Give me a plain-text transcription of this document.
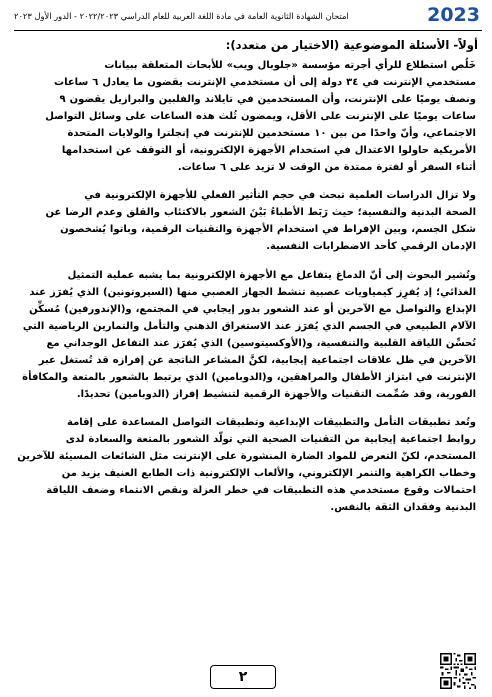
2023
امتحان الشهادة الثانوية العامة في مادة اللغة العربية للعام الدراسي ٢٠٢٢/٢٠٢٣ - الدور الأول ٢٠٢٣
أولاً- الأسئلة الموضوعية (الاختيار من متعدد):

خَلُص استطلاع للرأي أجرته مؤسسة «جلوبال ويب» للأبحاث المتعلقة ببيانات
مستخدمي الإنترنت في ٣٤ دولة إلى أن مستخدمي الإنترنت يقضون ما يعادل ٦ ساعات
ونصف يوميًا على الإنترنت، وأن المستخدمين في تايلاند والفلبين والبرازيل يقضون ٩
ساعات يوميًا على الإنترنت على الأقل، ويمضون ثُلث هذه الساعات على وسائل التواصل
الاجتماعي، وأنّ واحدًا من بين ١٠ مستخدمين للإنترنت في إنجلترا والولايات المتحدة
الأمريكية حاولوا الاعتدال في استخدام الأجهزة الإلكترونية، أو التوقف عن استخدامها
أثناء السفر أو لفترة ممتدة من الوقت لا تزيد على ٦ ساعات.

ولا تزال الدراسات العلمية تبحث في حجم التأثير الفعلي للأجهزة الإلكترونية في
الصحة البدنية والنفسية؛ حيث رَبَط الأطباءُ بَيْنَ الشعور بالاكتئاب والقلق وعدم الرضا عن
شكل الجسم، وبين الإفراط في استخدام الأجهزة والتقنيات الرقمية، وباتوا يُشخصون
الإدمان الرقمي كأحد الاضطرابات النفسية.

وتُشير البحوث إلى أنّ الدماغ يتفاعل مع الأجهزة الإلكترونية بما يشبه عملية التمثيل
الغذائي؛ إذ يُفرِز كيمياويات عصبية تنشط الجهاز العصبي منها (السيروتونين) الذي يُفرَز عند
الإبداع والتواصل مع الآخرين أو عند الشعور بدور إيجابي في المجتمع، و(الإندورفين) مُسكِّن
الآلام الطبيعي في الجسم الذي يُفرَز عند الاستغراق الذهني والتأمل والتمارين الرياضية التي
تُحسِّن اللياقة القلبية والتنفسية، و(الأوكسيتوسين) الذي يُفرَز عند التفاعل الوجداني مع
الآخرين في ظل علاقات اجتماعية إيجابية، لكنَّ المشاعر الناتجة عن إفرازه قد تُستغل عبر
الإنترنت في ابتزاز الأطفال والمراهقين، و(الدوبامين) الذي يرتبط بالشعور بالمتعة والمكافأة
الفورية، وقد صُمِّمت التقنيات والأجهزة الرقمية لتنشيط إفراز (الدوبامين) تحديدًا.

وتُعد تطبيقات التأمل والتطبيقات الإبداعية وتطبيقات التواصل المساعدة على إقامة
روابط اجتماعية إيجابية من التقنيات الصحية التي تولّد الشعور بالمتعة والسعادة لدى
المستخدم، لكنّ التعرض للمواد الضارة المنشورة على الإنترنت مثل الشائعات المسيئة للآخرين
وخطاب الكراهية والتنمر الإلكتروني، والألعاب الإلكترونية ذات الطابع العنيف يزيد من
احتمالات وقوع مستخدمي هذه التطبيقات في خطر العزلة ونقص الانتماء وضعف اللياقة
البدنية وفقدان الثقة بالنفس.

٢
